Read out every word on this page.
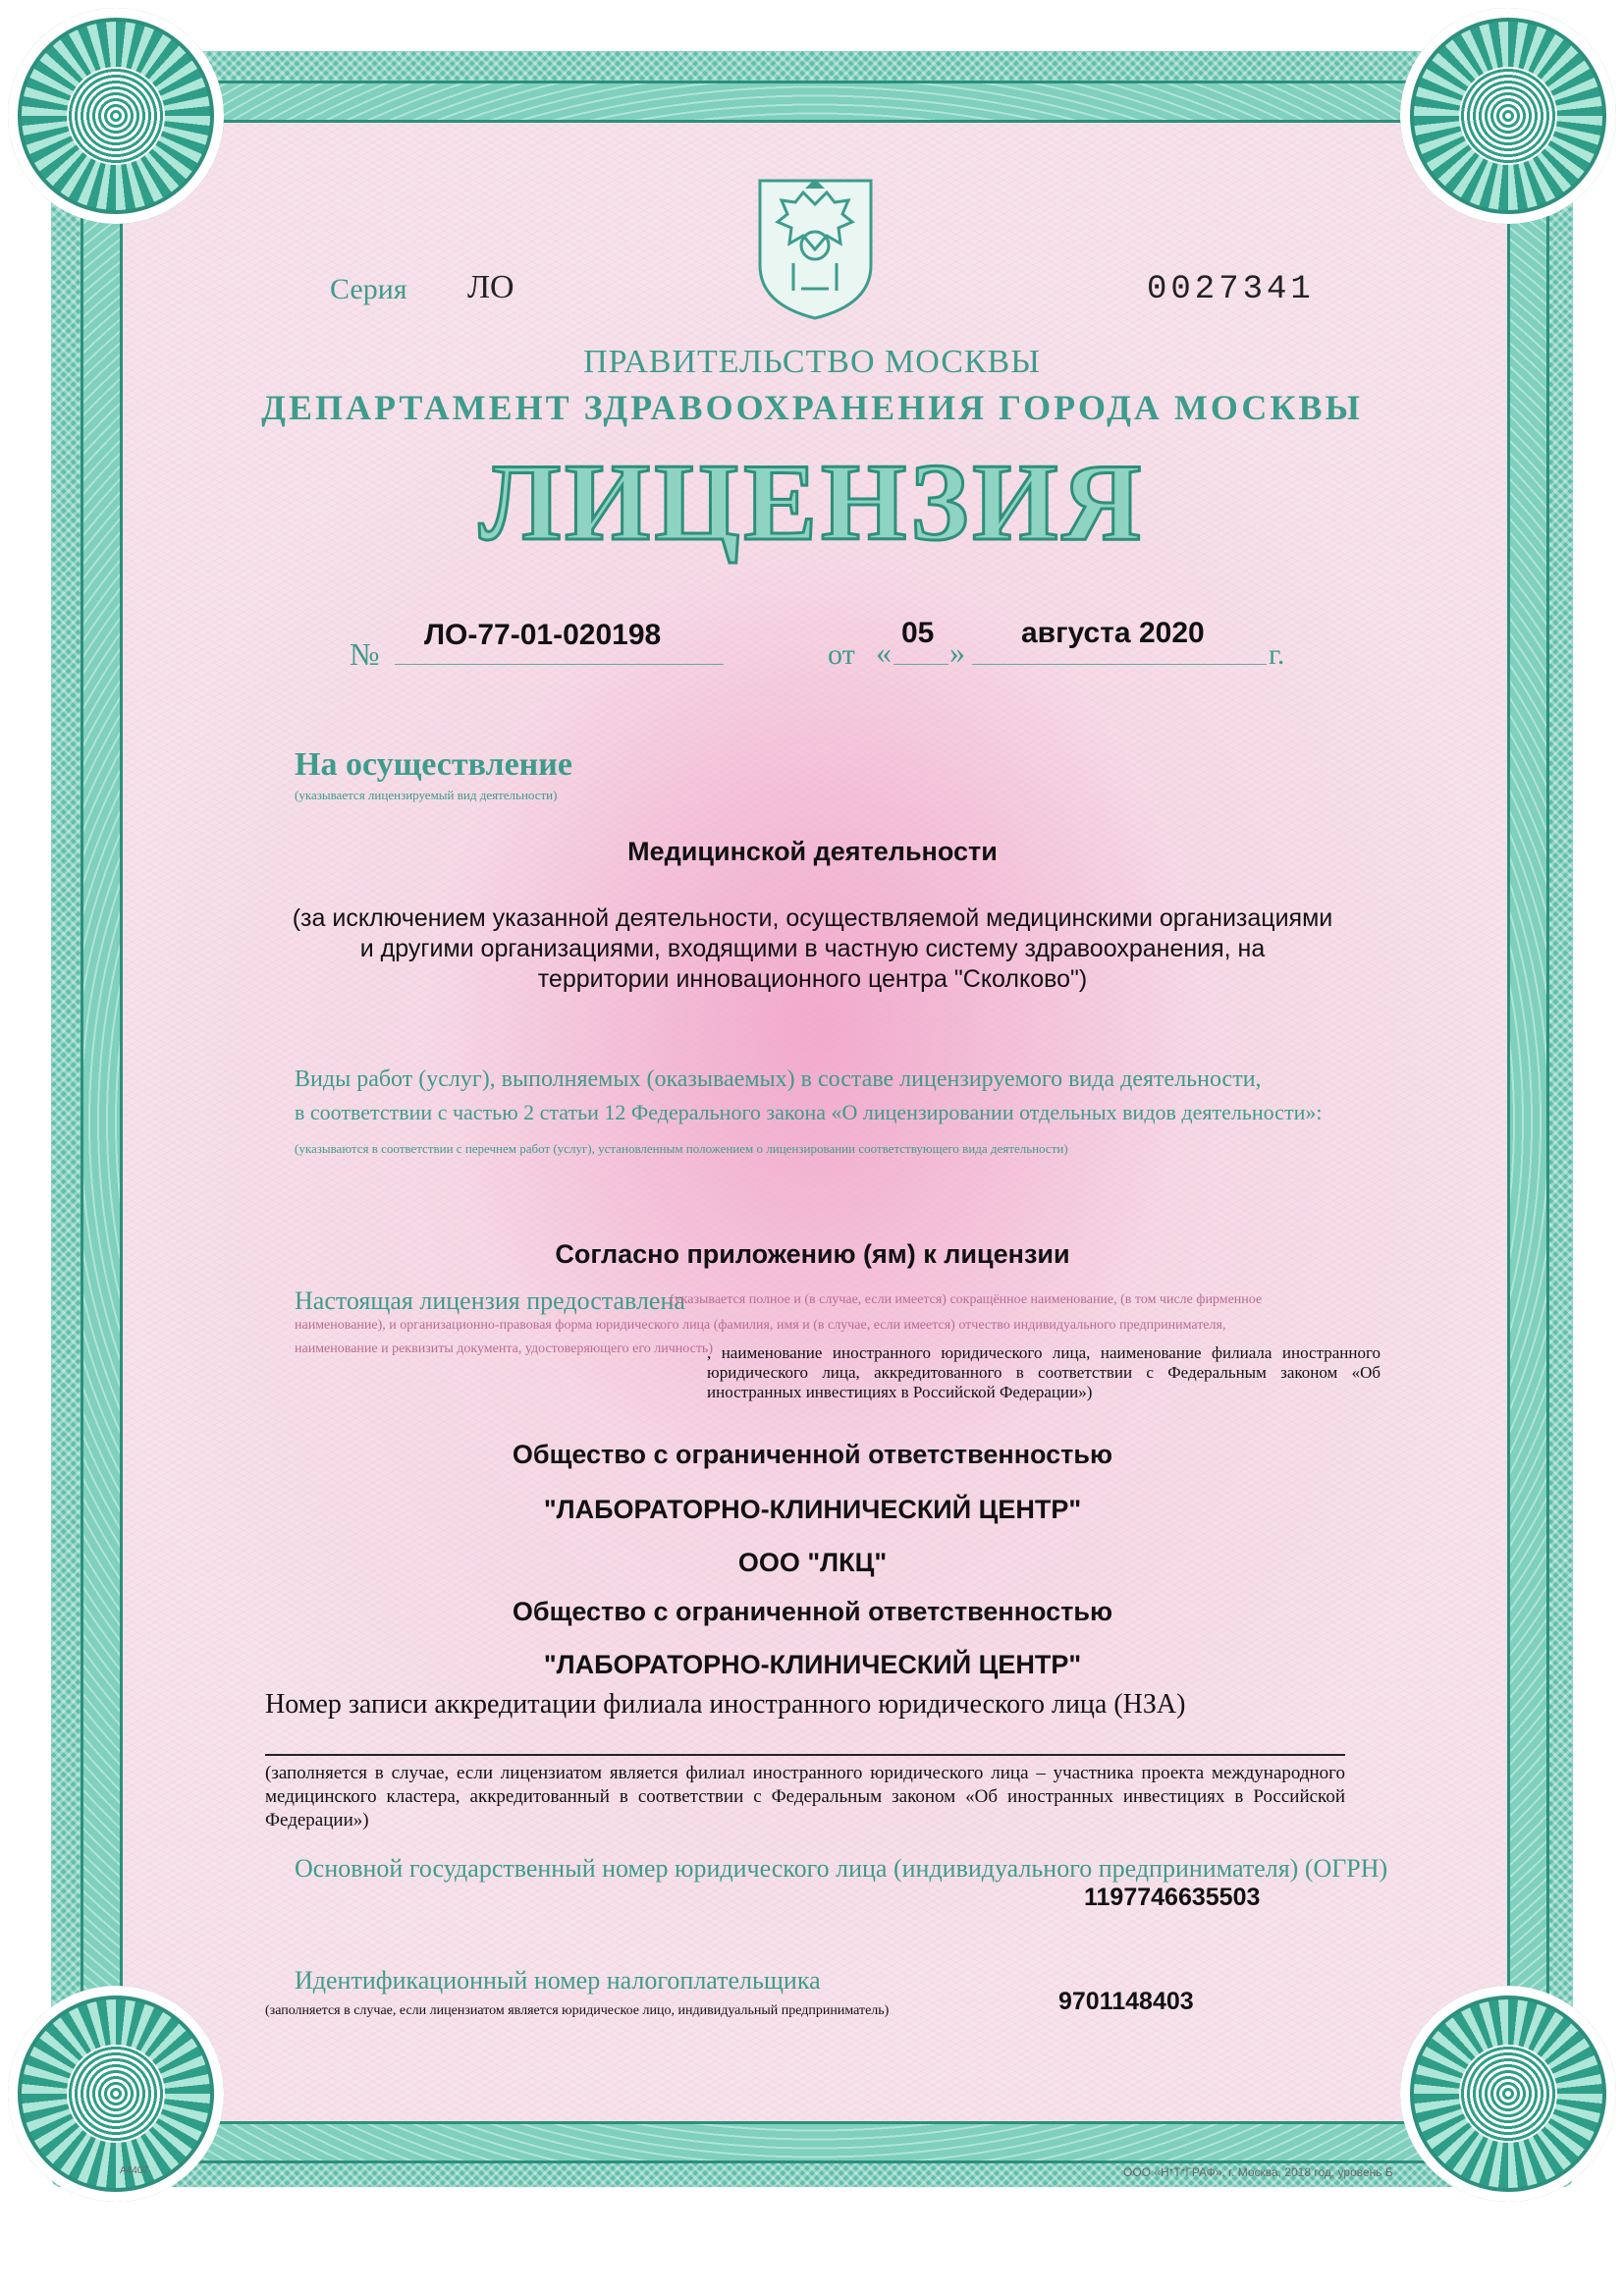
Серия ЛО	0027341
ПРАВИТЕЛЬСТВО МОСКВЫ
ДЕПАРТАМЕНТ ЗДРАВООХРАНЕНИЯ ГОРОДА МОСКВЫ
ЛИЦЕНЗИЯ
№
ЛО-77-01-020198
от «
05
»
августа 2020
г.
На осуществление
(указывается лицензируемый вид деятельности)
Медицинской деятельности
(за исключением указанной деятельности, осуществляемой медицинскими организациями
и другими организациями, входящими в частную систему здравоохранения, на
территории инновационного центра "Сколково")
Виды работ (услуг), выполняемых (оказываемых) в составе лицензируемого вида деятельности,
в соответствии с частью 2 статьи 12 Федерального закона «О лицензировании отдельных видов деятельности»:
(указываются в соответствии с перечнем работ (услуг), установленным положением о лицензировании соответствующего вида деятельности)
Согласно приложению (ям) к лицензии
Настоящая лицензия предоставлена
(указывается полное и (в случае, если имеется) сокращённое наименование, (в том числе фирменное
наименование), и организационно-правовая форма юридического лица (фамилия, имя и (в случае, если имеется) отчество индивидуального предпринимателя,
наименование и реквизиты документа, удостоверяющего его личность)
, наименование иностранного юридического лица, наименование филиала иностранного юридического лица, аккредитованного в соответствии с Федеральным законом «Об иностранных инвестициях в Российской Федерации»)
Общество с ограниченной ответственностью
"ЛАБОРАТОРНО-КЛИНИЧЕСКИЙ ЦЕНТР"
ООО "ЛКЦ"
Общество с ограниченной ответственностью
"ЛАБОРАТОРНО-КЛИНИЧЕСКИЙ ЦЕНТР"
Номер записи аккредитации филиала иностранного юридического лица (НЗА)
(заполняется в случае, если лицензиатом является филиал иностранного юридического лица – участника проекта международного медицинского кластера, аккредитованный в соответствии с Федеральным законом «Об иностранных инвестициях в Российской Федерации»)
Основной государственный номер юридического лица (индивидуального предпринимателя) (ОГРН)
1197746635503
Идентификационный номер налогоплательщика
9701148403
(заполняется в случае, если лицензиатом является юридическое лицо, индивидуальный предприниматель)
А4407	ООО «Н*Т*ГРАФ», г. Москва, 2018 год, уровень Б
